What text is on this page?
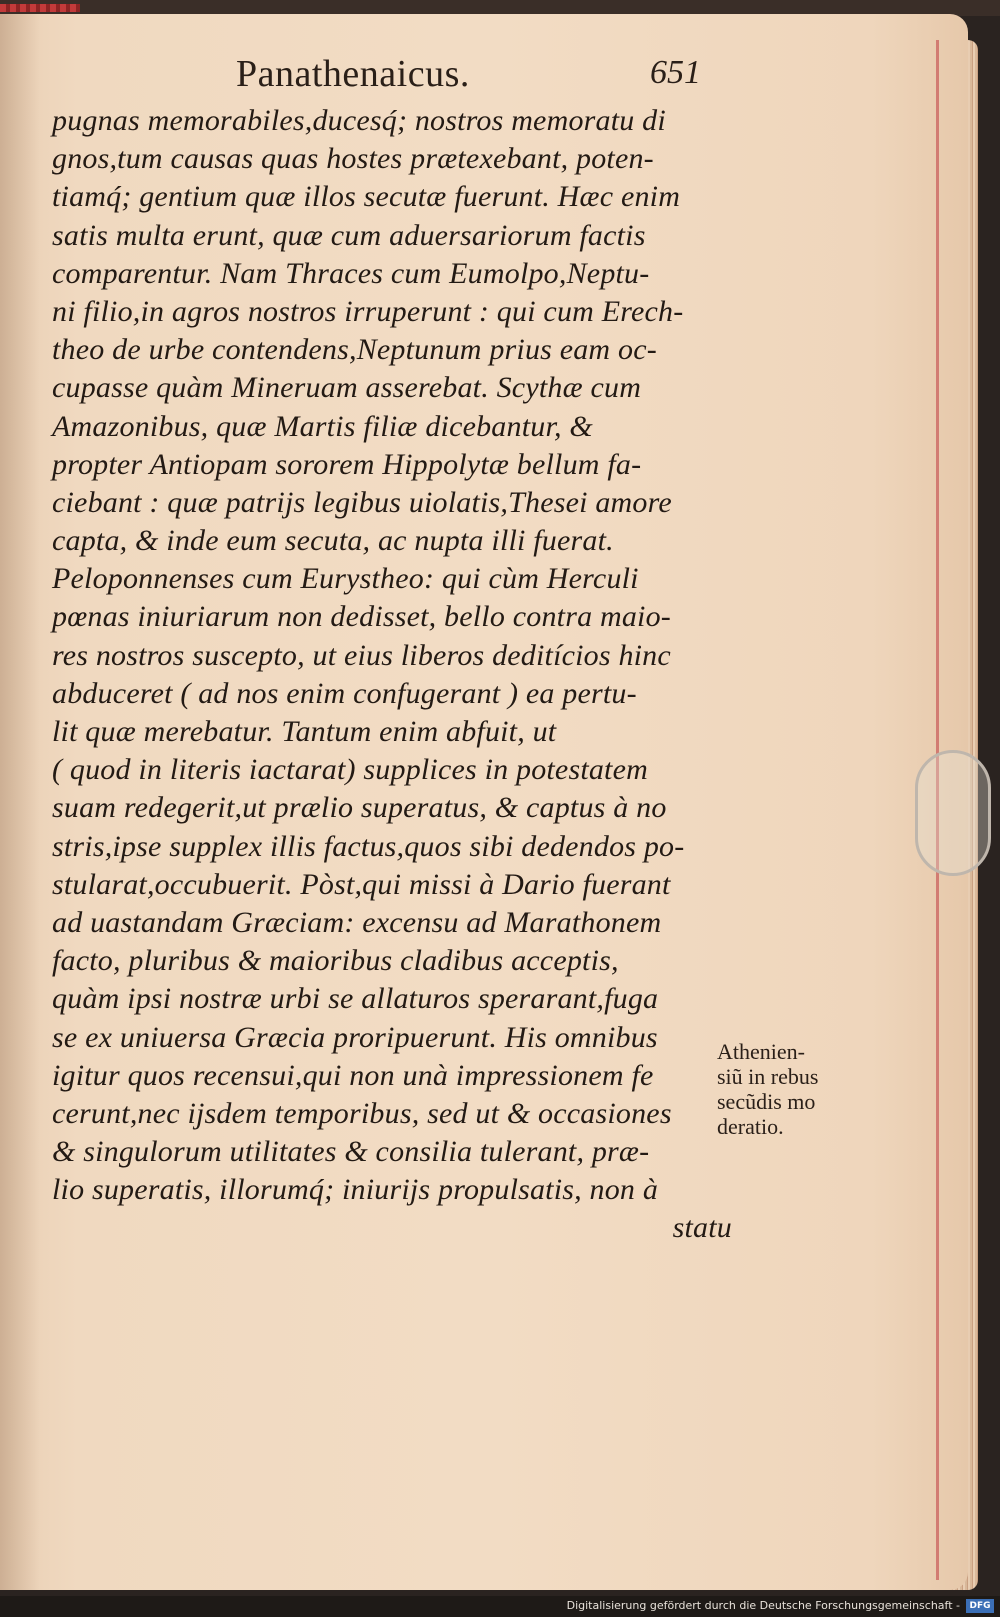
Panathenaicus.	651
pugnas memorabiles,ducesq́; nostros memoratu di
gnos,tum causas quas hostes prætexebant, poten-
tiamq́; gentium quæ illos secutæ fuerunt. Hæc enim
satis multa erunt, quæ cum aduersariorum factis
comparentur. Nam Thraces cum Eumolpo,Neptu-
ni filio,in agros nostros irruperunt : qui cum Erech-
theo de urbe contendens,Neptunum prius eam oc-
cupasse quàm Mineruam asserebat. Scythæ cum
Amazonibus, quæ Martis filiæ dicebantur, &
propter Antiopam sororem Hippolytæ bellum fa-
ciebant : quæ patrijs legibus uiolatis,Thesei amore
capta, & inde eum secuta, ac nupta illi fuerat.
Peloponnenses cum Eurystheo: qui cùm Herculi
pœnas iniuriarum non dedisset, bello contra maio-
res nostros suscepto, ut eius liberos deditícios hinc
abduceret ( ad nos enim confugerant ) ea pertu-
lit quæ merebatur. Tantum enim abfuit, ut
( quod in literis iactarat) supplices in potestatem
suam redegerit,ut prælio superatus, & captus à no
stris,ipse supplex illis factus,quos sibi dedendos po-
stularat,occubuerit. Pòst,qui missi à Dario fuerant
ad uastandam Græciam: excensu ad Marathonem
facto, pluribus & maioribus cladibus acceptis,
quàm ipsi nostræ urbi se allaturos sperarant,fuga
se ex uniuersa Græcia proripuerunt. His omnibus
igitur quos recensui,qui non unà impressionem fe
cerunt,nec ijsdem temporibus, sed ut & occasiones
& singulorum utilitates & consilia tulerant, præ-
lio superatis, illorumq́; iniurijs propulsatis, non à
statu
Athenien-
siũ in rebus
secũdis mo
deratio.
Digitalisierung gefördert durch die Deutsche Forschungsgemeinschaft -	DFG
